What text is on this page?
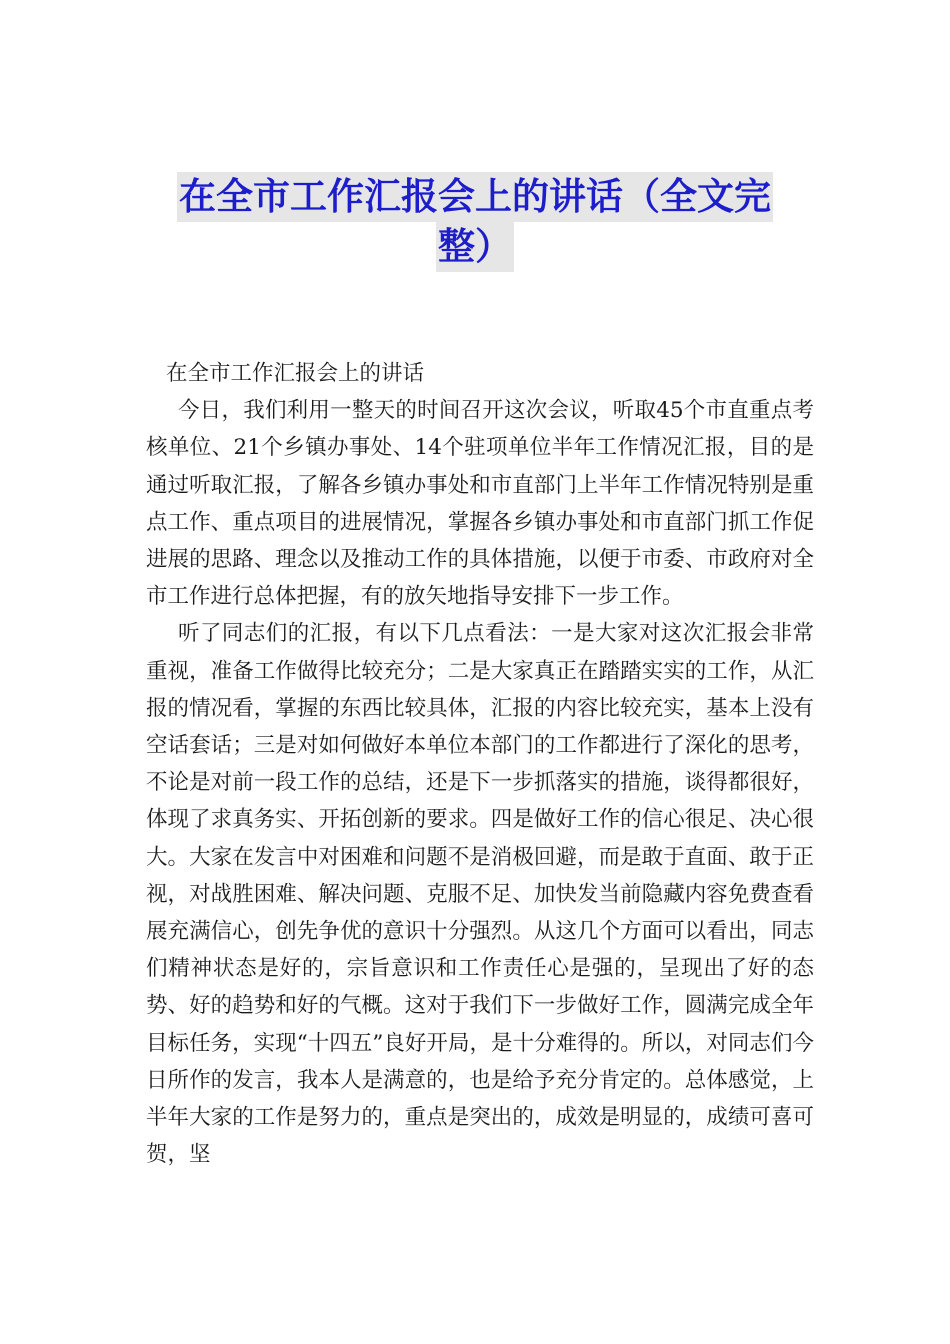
在全市工作汇报会上的讲话（全文完
整）

在全市工作汇报会上的讲话

今日，我们利用一整天的时间召开这次会议，听取45个市直重点考核单位、21个乡镇办事处、14个驻项单位半年工作情况汇报，目的是通过听取汇报，了解各乡镇办事处和市直部门上半年工作情况特别是重点工作、重点项目的进展情况，掌握各乡镇办事处和市直部门抓工作促进展的思路、理念以及推动工作的具体措施，以便于市委、市政府对全市工作进行总体把握，有的放矢地指导安排下一步工作。

听了同志们的汇报，有以下几点看法：一是大家对这次汇报会非常重视，准备工作做得比较充分；二是大家真正在踏踏实实的工作，从汇报的情况看，掌握的东西比较具体，汇报的内容比较充实，基本上没有空话套话；三是对如何做好本单位本部门的工作都进行了深化的思考，不论是对前一段工作的总结，还是下一步抓落实的措施，谈得都很好，体现了求真务实、开拓创新的要求。四是做好工作的信心很足、决心很大。大家在发言中对困难和问题不是消极回避，而是敢于直面、敢于正视，对战胜困难、解决问题、克服不足、加快发当前隐藏内容免费查看展充满信心，创先争优的意识十分强烈。从这几个方面可以看出，同志们精神状态是好的，宗旨意识和工作责任心是强的，呈现出了好的态势、好的趋势和好的气概。这对于我们下一步做好工作，圆满完成全年目标任务，实现“十四五”良好开局，是十分难得的。所以，对同志们今日所作的发言，我本人是满意的，也是给予充分肯定的。总体感觉，上半年大家的工作是努力的，重点是突出的，成效是明显的，成绩可喜可贺，坚
